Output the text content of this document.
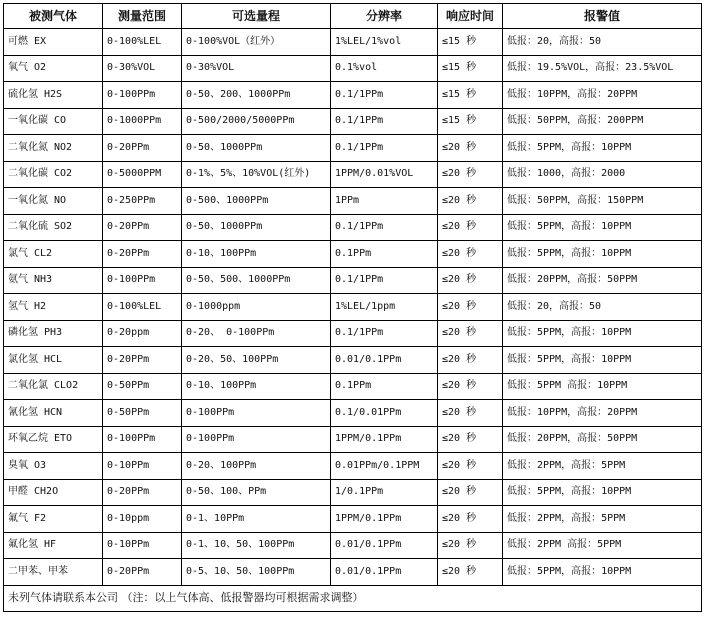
被测气体	测量范围	可选量程	分辨率	响应时间	报警值
可燃 EX	0-100%LEL	0-100%VOL（红外）	1%LEL/1%vol	≤15 秒	低报：20，高报：50
氧气 O2	0-30%VOL	0-30%VOL	0.1%vol	≤15 秒	低报：19.5%VOL，高报：23.5%VOL
硫化氢 H2S	0-100PPm	0-50、200、1000PPm	0.1/1PPm	≤15 秒	低报：10PPM，高报：20PPM
一氧化碳 CO	0-1000PPm	0-500/2000/5000PPm	0.1/1PPm	≤15 秒	低报：50PPM，高报：200PPM
二氧化氮 NO2	0-20PPm	0-50、1000PPm	0.1/1PPm	≤20 秒	低报：5PPM，高报：10PPM
二氧化碳 CO2	0-5000PPM	0-1%、5%、10%VOL(红外)	1PPM/0.01%VOL	≤20 秒	低报：1000，高报：2000
一氧化氮 NO	0-250PPm	0-500、1000PPm	1PPm	≤20 秒	低报：50PPM，高报：150PPM
二氧化硫 SO2	0-20PPm	0-50、1000PPm	0.1/1PPm	≤20 秒	低报：5PPM，高报：10PPM
氯气 CL2	0-20PPm	0-10、100PPm	0.1PPm	≤20 秒	低报：5PPM，高报：10PPM
氨气 NH3	0-100PPm	0-50、500、1000PPm	0.1/1PPm	≤20 秒	低报：20PPM，高报：50PPM
氢气 H2	0-100%LEL	0-1000ppm	1%LEL/1ppm	≤20 秒	低报：20，高报：50
磷化氢 PH3	0-20ppm	0-20、 0-100PPm	0.1/1PPm	≤20 秒	低报：5PPM，高报：10PPM
氯化氢 HCL	0-20PPm	0-20、50、100PPm	0.01/0.1PPm	≤20 秒	低报：5PPM，高报：10PPM
二氧化氯 CLO2	0-50PPm	0-10、100PPm	0.1PPm	≤20 秒	低报：5PPM 高报：10PPM
氰化氢 HCN	0-50PPm	0-100PPm	0.1/0.01PPm	≤20 秒	低报：10PPM，高报：20PPM
环氧乙烷 ETO	0-100PPm	0-100PPm	1PPM/0.1PPm	≤20 秒	低报：20PPM，高报：50PPM
臭氧 O3	0-10PPm	0-20、100PPm	0.01PPm/0.1PPM	≤20 秒	低报：2PPM，高报：5PPM
甲醛 CH2O	0-20PPm	0-50、100、PPm	1/0.1PPm	≤20 秒	低报：5PPM，高报：10PPM
氟气 F2	0-10ppm	0-1、10PPm	1PPM/0.1PPm	≤20 秒	低报：2PPM，高报：5PPM
氟化氢 HF	0-10PPm	0-1、10、50、100PPm	0.01/0.1PPm	≤20 秒	低报：2PPM 高报：5PPM
二甲苯、甲苯	0-20PPm	0-5、10、50、100PPm	0.01/0.1PPm	≤20 秒	低报：5PPM，高报：10PPM
未列气体请联系本公司 （注：以上气体高、低报警器均可根据需求调整）					
